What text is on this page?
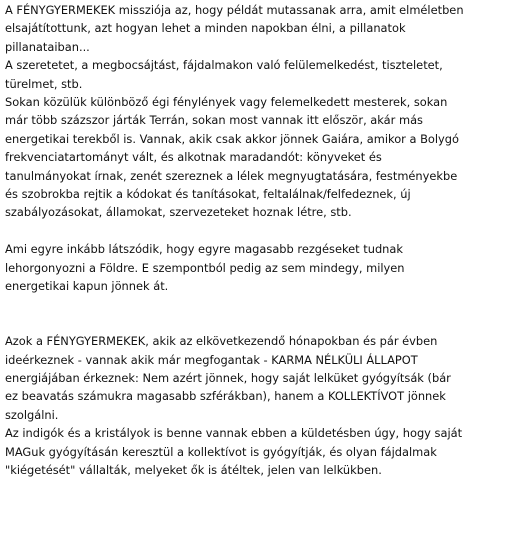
A FÉNYGYERMEKEK missziója az, hogy példát mutassanak arra, amit elméletben
elsajátítottunk, azt hogyan lehet a minden napokban élni, a pillanatok
pillanataiban...
A szeretetet, a megbocsájtást, fájdalmakon való felülemelkedést, tiszteletet,
türelmet, stb.
Sokan közülük különböző égi fénylények vagy felemelkedett mesterek, sokan
már több százszor járták Terrán, sokan most vannak itt először, akár más
energetikai terekből is. Vannak, akik csak akkor jönnek Gaiára, amikor a Bolygó
frekvenciatartományt vált, és alkotnak maradandót: könyveket és
tanulmányokat írnak, zenét szereznek a lélek megnyugtatására, festményekbe
és szobrokba rejtik a kódokat és tanításokat, feltalálnak/felfedeznek, új
szabályozásokat, államokat, szervezeteket hoznak létre, stb.

Ami egyre inkább látszódik, hogy egyre magasabb rezgéseket tudnak
lehorgonyozni a Földre. E szempontból pedig az sem mindegy, milyen
energetikai kapun jönnek át.

Azok a FÉNYGYERMEKEK, akik az elkövetkezendő hónapokban és pár évben
ideérkeznek - vannak akik már megfogantak - KARMA NÉLKÜLI ÁLLAPOT
energiájában érkeznek: Nem azért jönnek, hogy saját lelküket gyógyítsák (bár
ez beavatás számukra magasabb szférákban), hanem a KOLLEKTÍVOT jönnek
szolgálni.
Az indigók és a kristályok is benne vannak ebben a küldetésben úgy, hogy saját
MAGuk gyógyításán keresztül a kollektívot is gyógyítják, és olyan fájdalmak
"kiégetését" vállalták, melyeket ők is átéltek, jelen van lelkükben.
